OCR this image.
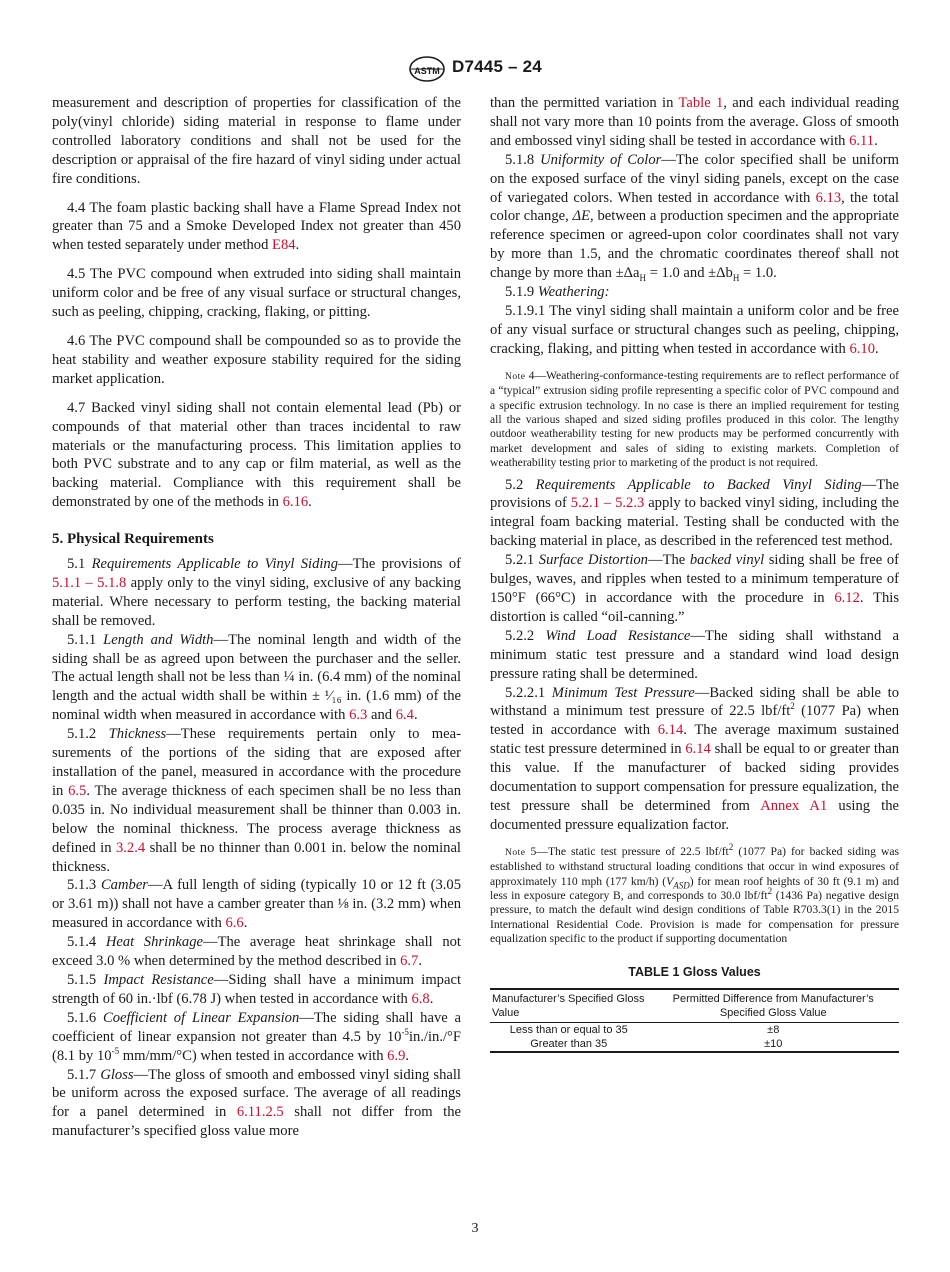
ASTM D7445 – 24

measurement and description of properties for classification of the poly(vinyl chloride) siding material in response to flame under controlled laboratory conditions and shall not be used for the description or appraisal of the fire hazard of vinyl siding under actual fire conditions.

4.4 The foam plastic backing shall have a Flame Spread Index not greater than 75 and a Smoke Developed Index not greater than 450 when tested separately under method E84.

4.5 The PVC compound when extruded into siding shall maintain uniform color and be free of any visual surface or structural changes, such as peeling, chipping, cracking, flaking, or pitting.

4.6 The PVC compound shall be compounded so as to provide the heat stability and weather exposure stability required for the siding market application.

4.7 Backed vinyl siding shall not contain elemental lead (Pb) or compounds of that material other than traces incidental to raw materials or the manufacturing process. This limitation applies to both PVC substrate and to any cap or film material, as well as the backing material. Compliance with this requirement shall be demonstrated by one of the methods in 6.16.

5. Physical Requirements

5.1 Requirements Applicable to Vinyl Siding—The provisions of 5.1.1 – 5.1.8 apply only to the vinyl siding, exclusive of any backing material. Where necessary to perform testing, the backing material shall be removed.

5.1.1 Length and Width—The nominal length and width of the siding shall be as agreed upon between the purchaser and the seller. The actual length shall not be less than ¼ in. (6.4 mm) of the nominal length and the actual width shall be within ± ¹⁄₁₆ in. (1.6 mm) of the nominal width when measured in accordance with 6.3 and 6.4.

5.1.2 Thickness—These requirements pertain only to measurements of the portions of the siding that are exposed after installation of the panel, measured in accordance with the procedure in 6.5. The average thickness of each specimen shall be no less than 0.035 in. No individual measurement shall be thinner than 0.003 in. below the nominal thickness. The process average thickness as defined in 3.2.4 shall be no thinner than 0.001 in. below the nominal thickness.

5.1.3 Camber—A full length of siding (typically 10 or 12 ft (3.05 or 3.61 m)) shall not have a camber greater than ⅛ in. (3.2 mm) when measured in accordance with 6.6.

5.1.4 Heat Shrinkage—The average heat shrinkage shall not exceed 3.0 % when determined by the method described in 6.7.

5.1.5 Impact Resistance—Siding shall have a minimum impact strength of 60 in.·lbf (6.78 J) when tested in accordance with 6.8.

5.1.6 Coefficient of Linear Expansion—The siding shall have a coefficient of linear expansion not greater than 4.5 by $10^{-5}in./in./^\circ F$ (8.1 by $10^{-5}$ mm/mm/°C) when tested in accordance with 6.9.

5.1.7 Gloss—The gloss of smooth and embossed vinyl siding shall be uniform across the exposed surface. The average of all readings for a panel determined in 6.11.2.5 shall not differ from the manufacturer’s specified gloss value more

than the permitted variation in Table 1, and each individual reading shall not vary more than 10 points from the average. Gloss of smooth and embossed vinyl siding shall be tested in accordance with 6.11.

5.1.8 Uniformity of Color—The color specified shall be uniform on the exposed surface of the vinyl siding panels, except on the case of variegated colors. When tested in accordance with 6.13, the total color change, ΔE, between a production specimen and the appropriate reference specimen or agreed-upon color coordinates shall not vary by more than 1.5, and the chromatic coordinates thereof shall not change by more than $\pm\Delta a_H = 1.0$ and $\pm\Delta b_H = 1.0$.

5.1.9 Weathering:

5.1.9.1 The vinyl siding shall maintain a uniform color and be free of any visual surface or structural changes such as peeling, chipping, cracking, flaking, and pitting when tested in accordance with 6.10.

Note 4—Weathering-conformance-testing requirements are to reflect performance of a “typical” extrusion siding profile representing a specific color of PVC compound and a specific extrusion technology. In no case is there an implied requirement for testing all the various shaped and sized siding profiles produced in this color. The lengthy outdoor weatherability testing for new products may be performed concurrently with market development and sales of siding to existing markets. Completion of weatherability testing prior to marketing of the product is not required.

5.2 Requirements Applicable to Backed Vinyl Siding—The provisions of 5.2.1 – 5.2.3 apply to backed vinyl siding, including the integral foam backing material. Testing shall be conducted with the backing material in place, as described in the referenced test method.

5.2.1 Surface Distortion—The backed vinyl siding shall be free of bulges, waves, and ripples when tested to a minimum temperature of 150°F (66°C) in accordance with the procedure in 6.12. This distortion is called “oil-canning.”

5.2.2 Wind Load Resistance—The siding shall withstand a minimum static test pressure and a standard wind load design pressure rating shall be determined.

5.2.2.1 Minimum Test Pressure—Backed siding shall be able to withstand a minimum test pressure of 22.5 lbf/$ft^2$ (1077 Pa) when tested in accordance with 6.14. The average maximum sustained static test pressure determined in 6.14 shall be equal to or greater than this value. If the manufacturer of backed siding provides documentation to support compensation for pressure equalization, the test pressure shall be determined from Annex A1 using the documented pressure equalization factor.

Note 5—The static test pressure of 22.5 lbf/$ft^2$ (1077 Pa) for backed siding was established to withstand structural loading conditions that occur in wind exposures of approximately 110 mph (177 km/h) $(V_{ASD})$ for mean roof heights of 30 ft (9.1 m) and less in exposure category B, and corresponds to 30.0 lbf/$ft^2$ (1436 Pa) negative design pressure, to match the default wind design conditions of Table R703.3(1) in the 2015 International Residential Code. Provision is made for compensation for pressure equalization specific to the product if supporting documentation

TABLE 1 Gloss Values

Manufacturer’s Specified Gloss Value	Permitted Difference from Manufacturer’s Specified Gloss Value
Less than or equal to 35	±8
Greater than 35	±10
3
